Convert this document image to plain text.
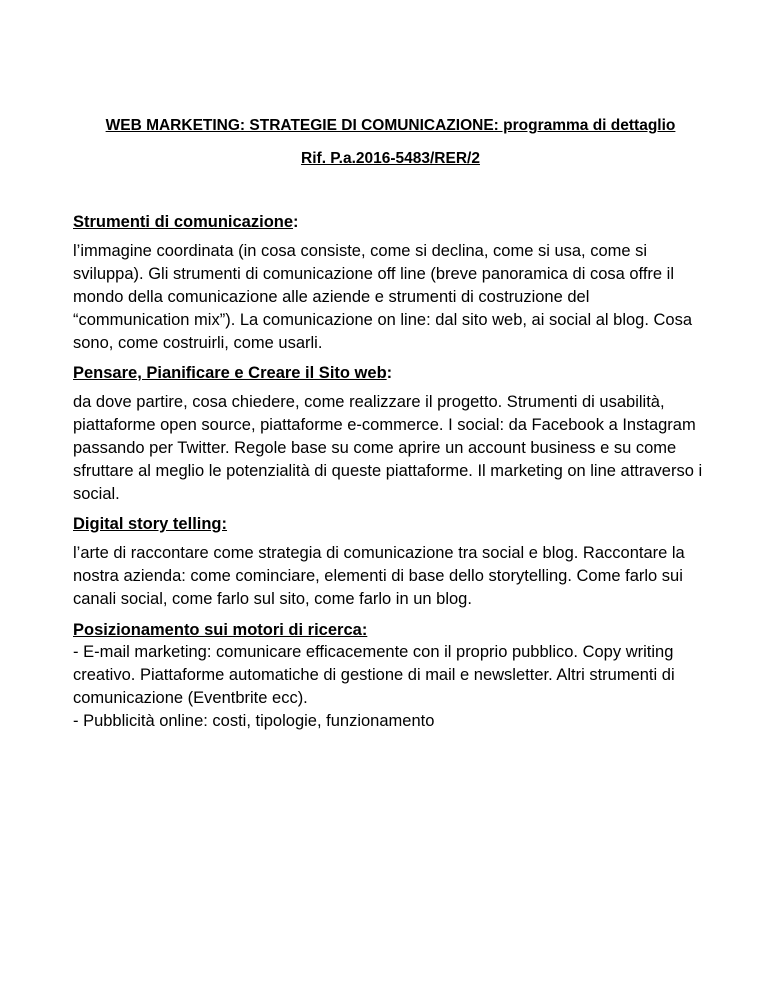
WEB MARKETING: STRATEGIE DI COMUNICAZIONE: programma di dettaglio

Rif. P.a.2016-5483/RER/2

Strumenti di comunicazione:

l’immagine coordinata (in cosa consiste, come si declina, come si usa, come si sviluppa). Gli strumenti di comunicazione off line (breve panoramica di cosa offre il mondo della comunicazione alle aziende e strumenti di costruzione del “communication mix”). La comunicazione on line: dal sito web, ai social al blog. Cosa sono, come costruirli, come usarli.

Pensare, Pianificare e Creare il Sito web:

da dove partire, cosa chiedere, come realizzare il progetto. Strumenti di usabilità, piattaforme open source, piattaforme e-commerce. I social: da Facebook a Instagram passando per Twitter. Regole base su come aprire un account business e su come sfruttare al meglio le potenzialità di queste piattaforme. Il marketing on line attraverso i social.

Digital story telling:

l’arte di raccontare come strategia di comunicazione tra social e blog. Raccontare la nostra azienda: come cominciare, elementi di base dello storytelling. Come farlo sui canali social, come farlo sul sito, come farlo in un blog.

Posizionamento sui motori di ricerca:

- E-mail marketing: comunicare efficacemente con il proprio pubblico. Copy writing creativo. Piattaforme automatiche di gestione di mail e newsletter. Altri strumenti di comunicazione (Eventbrite ecc).

- Pubblicità online: costi, tipologie, funzionamento
